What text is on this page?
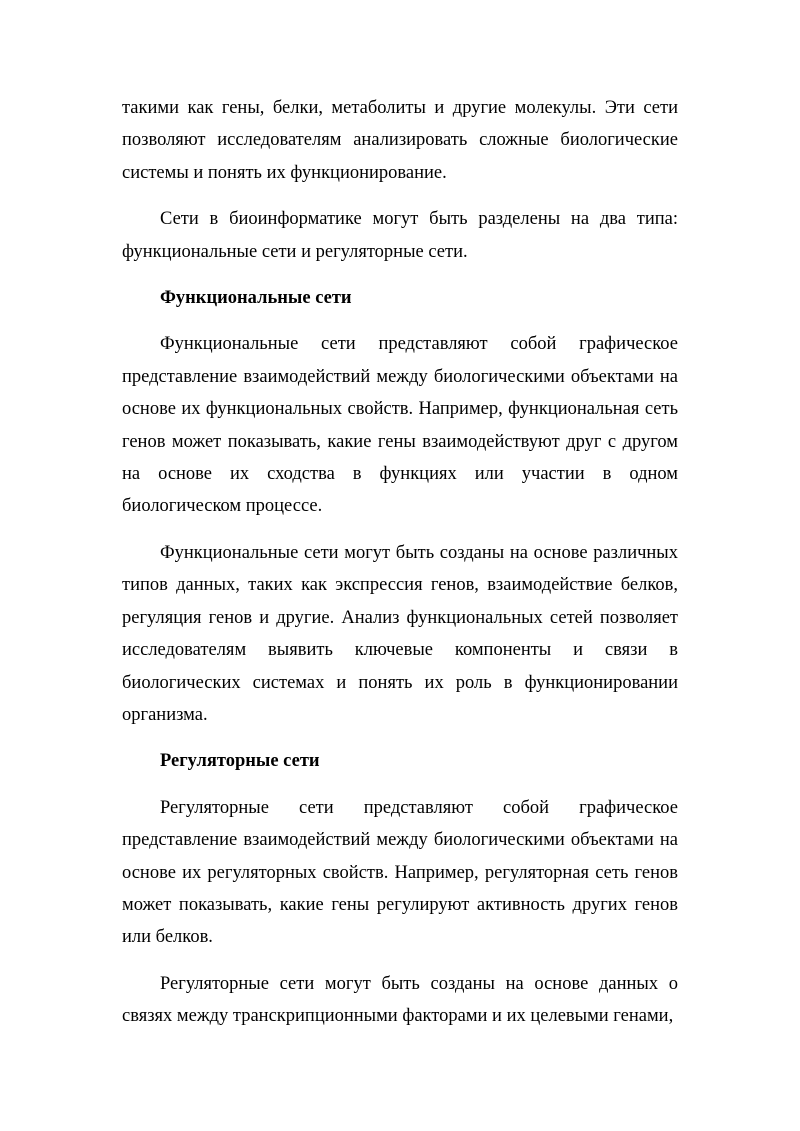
такими как гены, белки, метаболиты и другие молекулы. Эти сети позволяют исследователям анализировать сложные биологические системы и понять их функционирование.

Сети в биоинформатике могут быть разделены на два типа: функциональные сети и регуляторные сети.

Функциональные сети

Функциональные сети представляют собой графическое представление взаимодействий между биологическими объектами на основе их функциональных свойств. Например, функциональная сеть генов может показывать, какие гены взаимодействуют друг с другом на основе их сходства в функциях или участии в одном биологическом процессе.

Функциональные сети могут быть созданы на основе различных типов данных, таких как экспрессия генов, взаимодействие белков, регуляция генов и другие. Анализ функциональных сетей позволяет исследователям выявить ключевые компоненты и связи в биологических системах и понять их роль в функционировании организма.

Регуляторные сети

Регуляторные сети представляют собой графическое представление взаимодействий между биологическими объектами на основе их регуляторных свойств. Например, регуляторная сеть генов может показывать, какие гены регулируют активность других генов или белков.

Регуляторные сети могут быть созданы на основе данных о связях между транскрипционными факторами и их целевыми генами,
